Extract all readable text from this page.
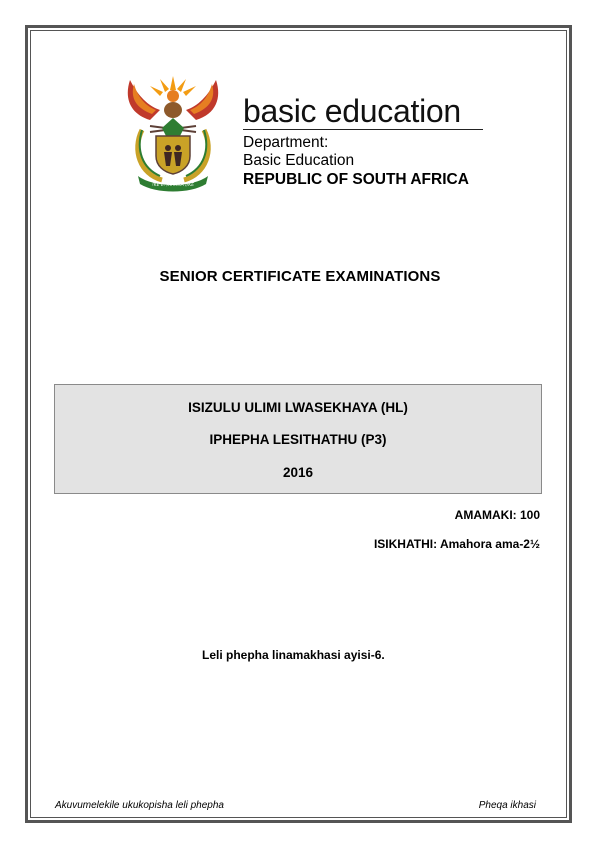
!KE E: /XARRA //KE
basic education
Department:
Basic Education
REPUBLIC OF SOUTH AFRICA
SENIOR CERTIFICATE EXAMINATIONS
ISIZULU ULIMI LWASEKHAYA (HL)
IPHEPHA LESITHATHU (P3)
2016
AMAMAKI: 100
ISIKHATHI: Amahora ama-2½
Leli phepha linamakhasi ayisi-6.
Akuvumelekile ukukopisha leli phepha	Pheqa ikhasi
